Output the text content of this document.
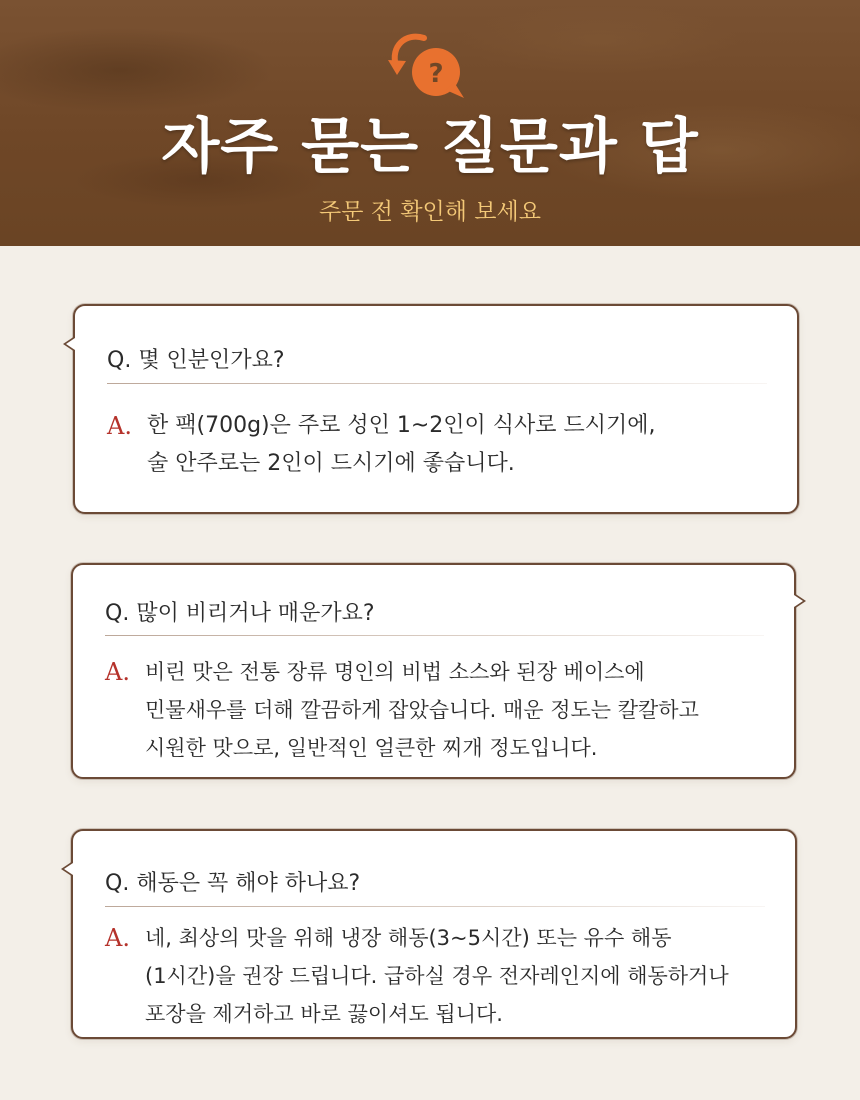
?
자주 묻는 질문과 답
주문 전 확인해 보세요
Q. 몇 인분인가요?
A. 한 팩(700g)은 주로 성인 1~2인이 식사로 드시기에,
술 안주로는 2인이 드시기에 좋습니다.
Q. 많이 비리거나 매운가요?
A. 비린 맛은 전통 장류 명인의 비법 소스와 된장 베이스에
민물새우를 더해 깔끔하게 잡았습니다. 매운 정도는 칼칼하고
시원한 맛으로, 일반적인 얼큰한 찌개 정도입니다.
Q. 해동은 꼭 해야 하나요?
A. 네, 최상의 맛을 위해 냉장 해동(3~5시간) 또는 유수 해동
(1시간)을 권장 드립니다. 급하실 경우 전자레인지에 해동하거나
포장을 제거하고 바로 끓이셔도 됩니다.
